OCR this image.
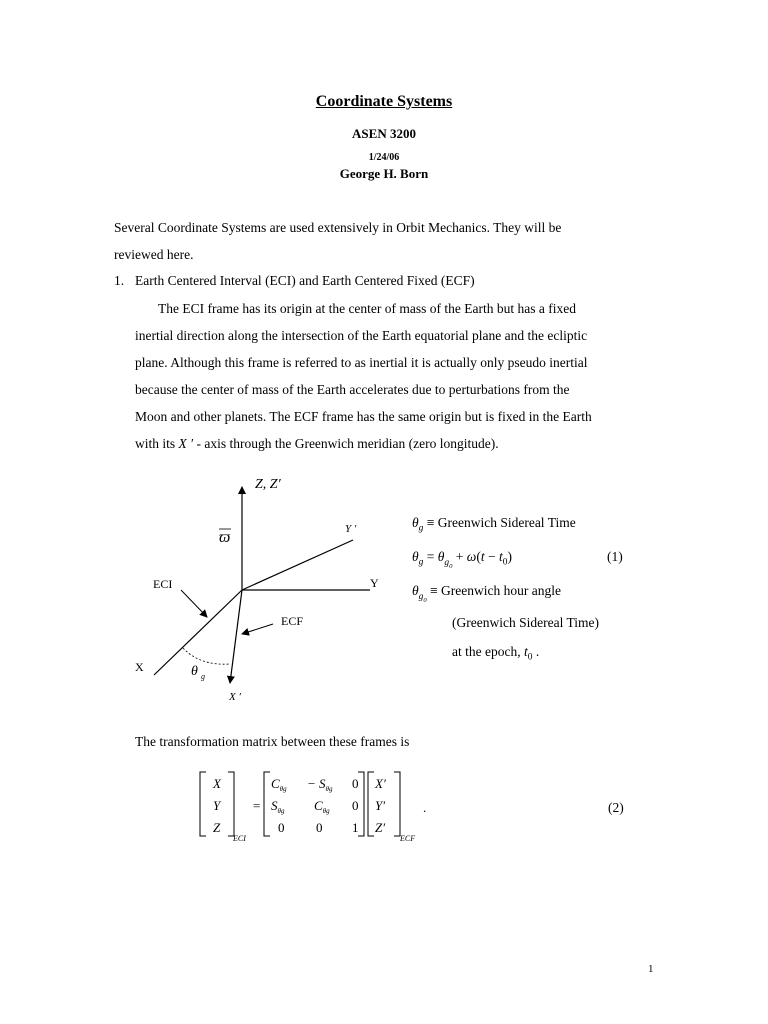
Coordinate Systems
ASEN 3200
1/24/06
George H. Born
Several Coordinate Systems are used extensively in Orbit Mechanics. They will be
reviewed here.
1. Earth Centered Interval (ECI) and Earth Centered Fixed (ECF)
The ECI frame has its origin at the center of mass of the Earth but has a fixed
inertial direction along the intersection of the Earth equatorial plane and the ecliptic
plane. Although this frame is referred to as inertial it is actually only pseudo inertial
because the center of mass of the Earth accelerates due to perturbations from the
Moon and other planets. The ECF frame has the same origin but is fixed in the Earth
with its X ′ - axis through the Greenwich meridian (zero longitude).
Z, Z′
ϖ	Y ′
Y
ECI
ECF
X	θ g
X ′
$\theta_g$ ≡ Greenwich Sidereal Time
$\theta_g = \theta_{g_0} + \omega(t - t_0)$	(1)
$\theta_{g_0}$ ≡ Greenwich hour angle
(Greenwich Sidereal Time)
at the epoch, $t_0$ .
The transformation matrix between these frames is
X
Y
Z
ECI
=
$C_{\theta g} - S_{\theta g}$ 0
$S_{\theta g}$ $C_{\theta g}$ 0
0 0 1
X′
Y′
Z′
ECF
.	(2)
1
